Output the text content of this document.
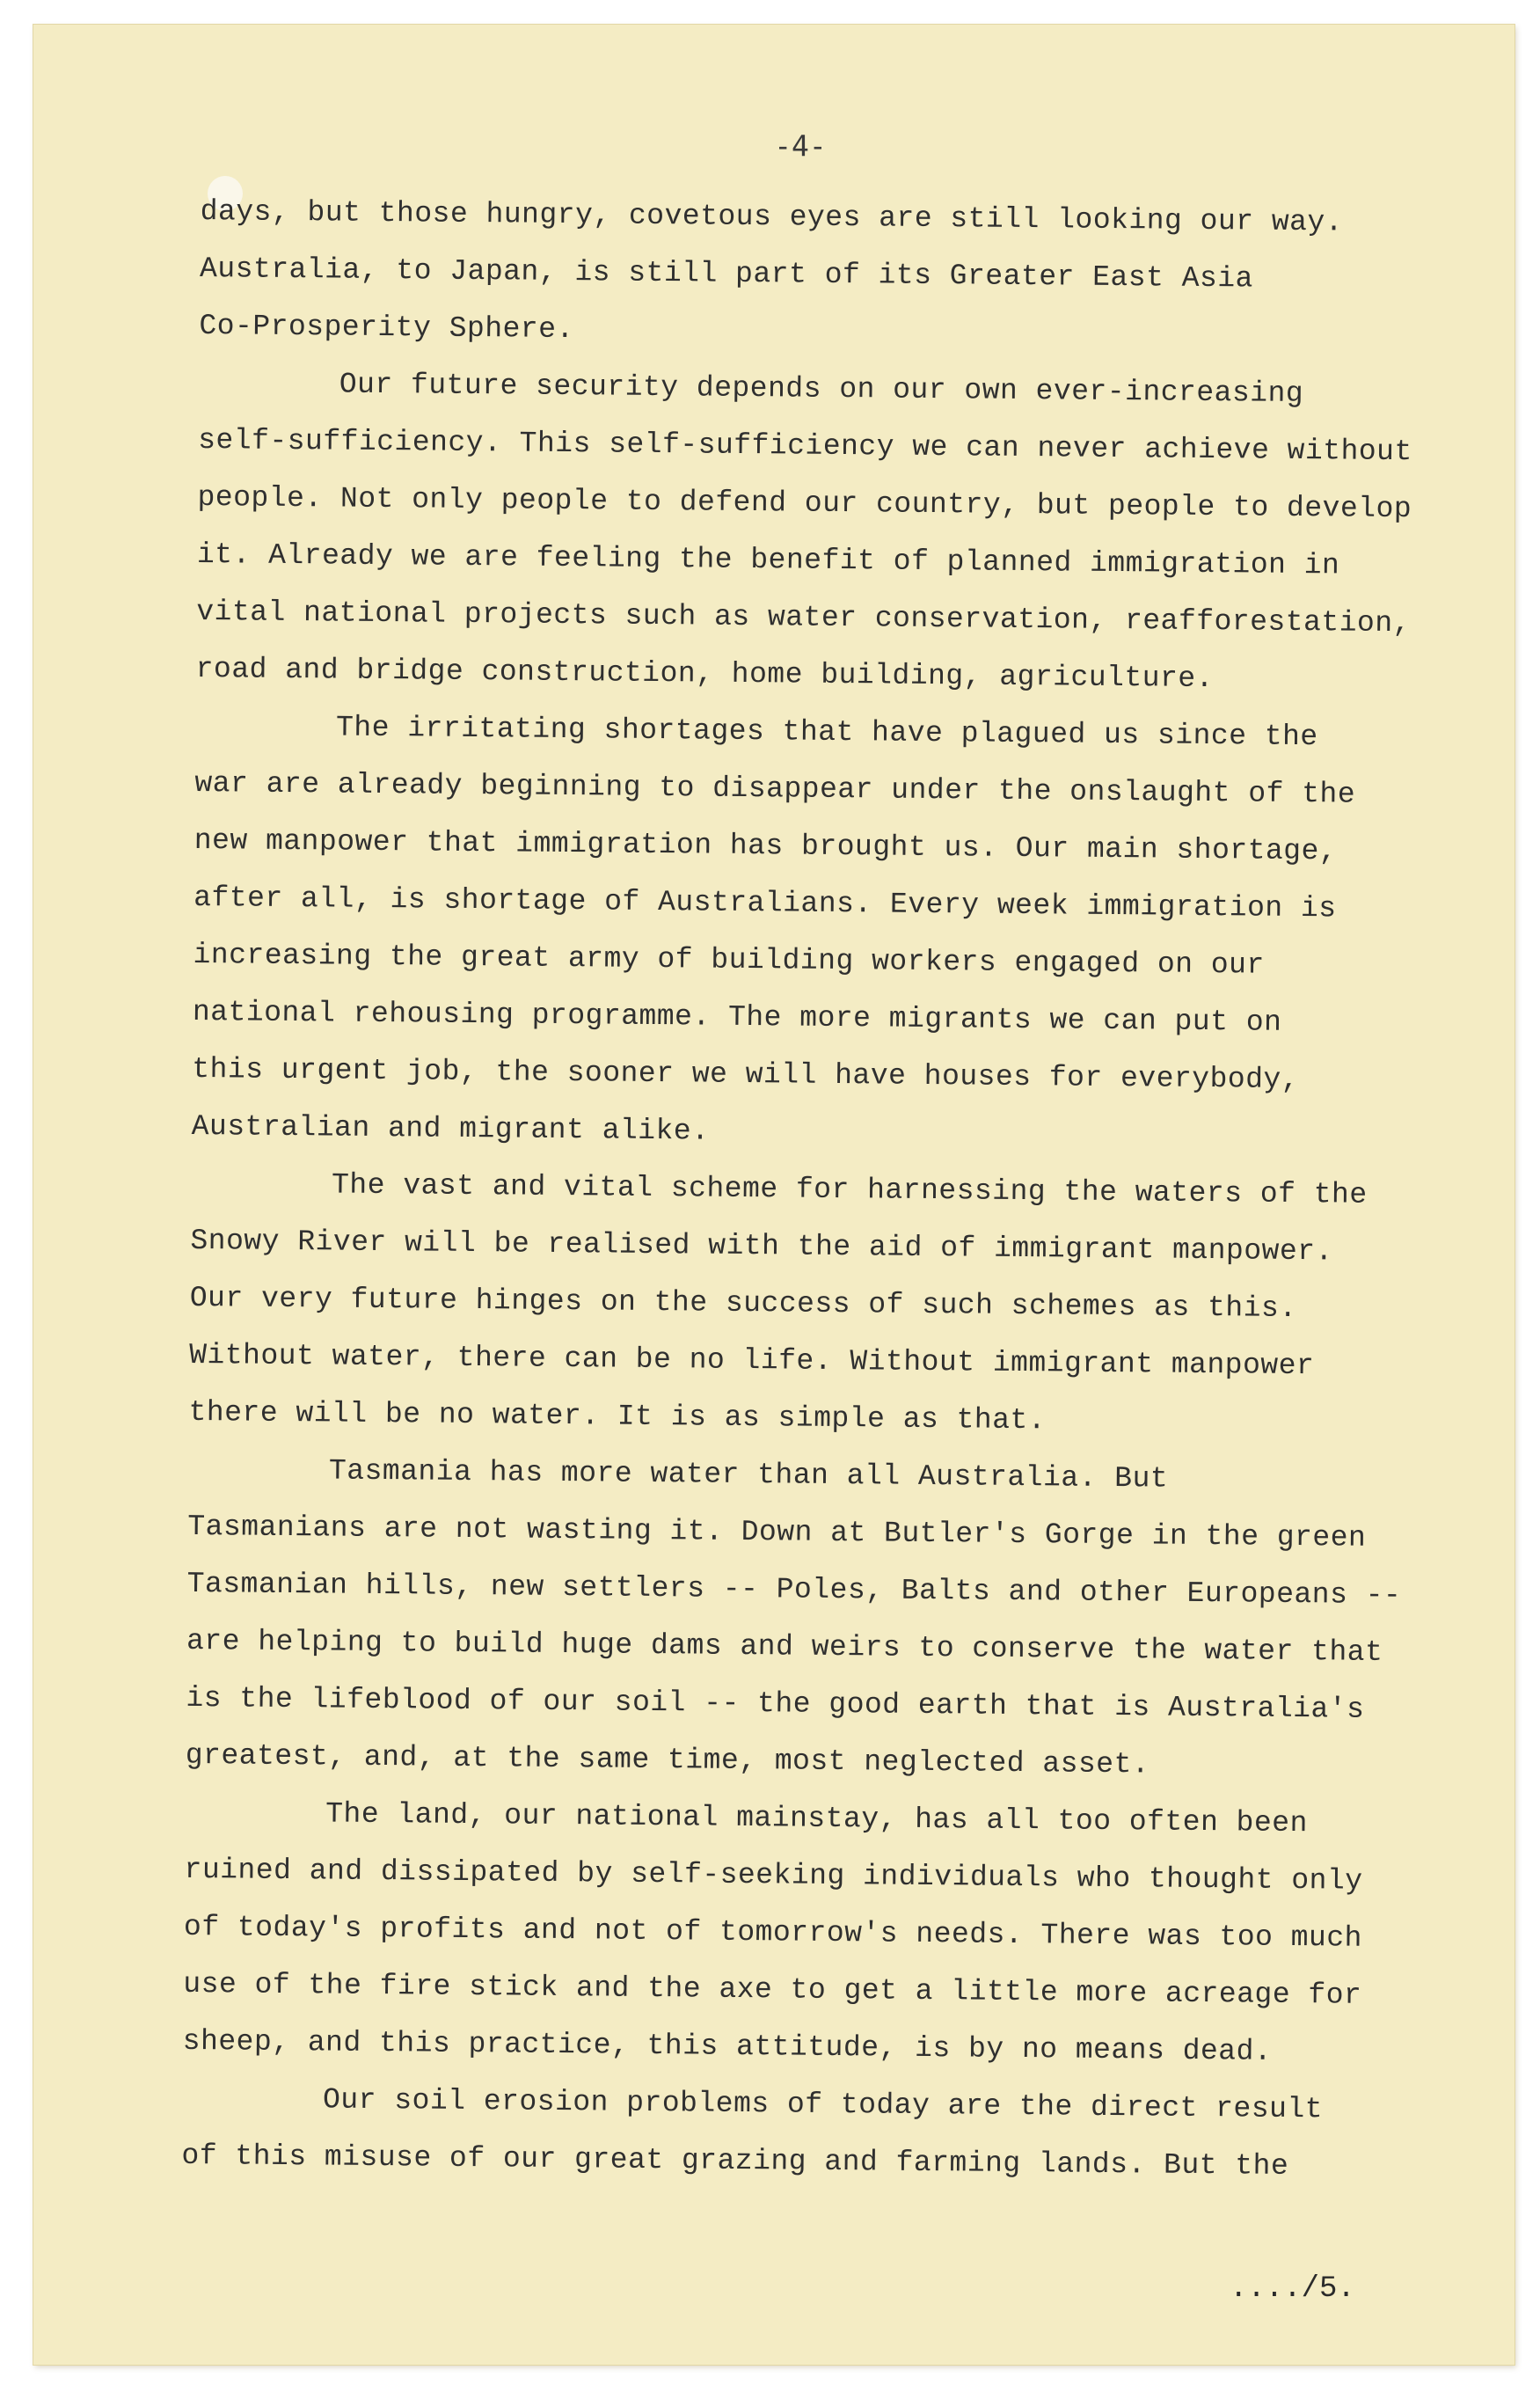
-4-

days, but those hungry, covetous eyes are still looking our way.

Australia, to Japan, is still part of its Greater East Asia

Co-Prosperity Sphere.

Our future security depends on our own ever-increasing

self-sufficiency. This self-sufficiency we can never achieve without

people. Not only people to defend our country, but people to develop

it. Already we are feeling the benefit of planned immigration in

vital national projects such as water conservation, reafforestation,

road and bridge construction, home building, agriculture.

The irritating shortages that have plagued us since the

war are already beginning to disappear under the onslaught of the

new manpower that immigration has brought us. Our main shortage,

after all, is shortage of Australians. Every week immigration is

increasing the great army of building workers engaged on our

national rehousing programme. The more migrants we can put on

this urgent job, the sooner we will have houses for everybody,

Australian and migrant alike.

The vast and vital scheme for harnessing the waters of the

Snowy River will be realised with the aid of immigrant manpower.

Our very future hinges on the success of such schemes as this.

Without water, there can be no life. Without immigrant manpower

there will be no water. It is as simple as that.

Tasmania has more water than all Australia. But

Tasmanians are not wasting it. Down at Butler's Gorge in the green

Tasmanian hills, new settlers -- Poles, Balts and other Europeans --

are helping to build huge dams and weirs to conserve the water that

is the lifeblood of our soil -- the good earth that is Australia's

greatest, and, at the same time, most neglected asset.

The land, our national mainstay, has all too often been

ruined and dissipated by self-seeking individuals who thought only

of today's profits and not of tomorrow's needs. There was too much

use of the fire stick and the axe to get a little more acreage for

sheep, and this practice, this attitude, is by no means dead.

Our soil erosion problems of today are the direct result

of this misuse of our great grazing and farming lands. But the

..../5.
